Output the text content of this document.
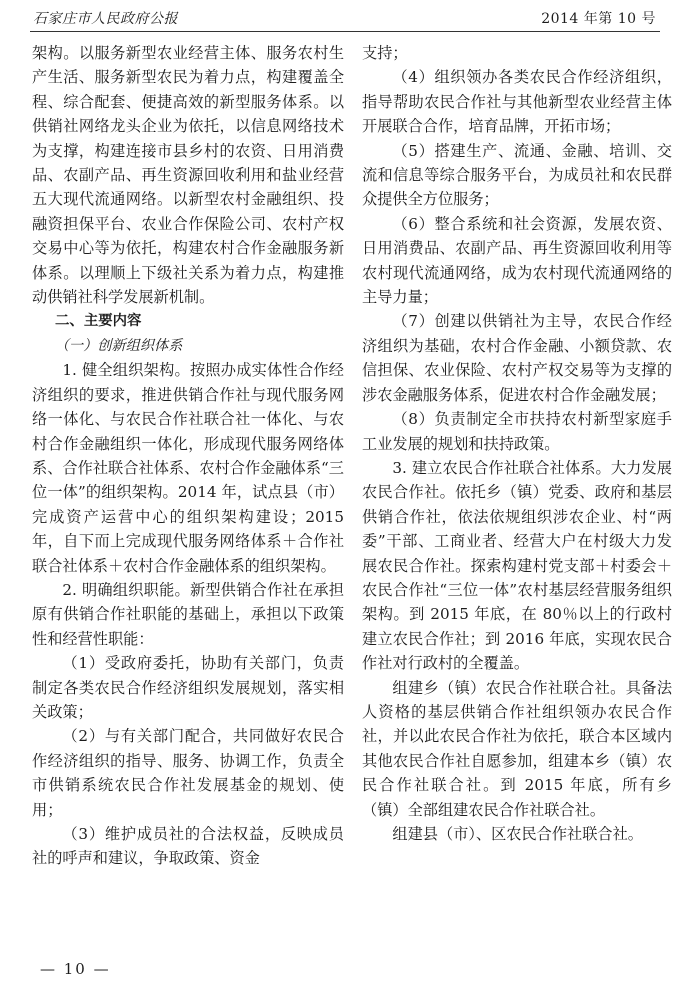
石家庄市人民政府公报	2014 年第 10 号

架构。以服务新型农业经营主体、服务农村生产生活、服务新型农民为着力点，构建覆盖全程、综合配套、便捷高效的新型服务体系。以供销社网络龙头企业为依托，以信息网络技术为支撑，构建连接市县乡村的农资、日用消费品、农副产品、再生资源回收利用和盐业经营五大现代流通网络。以新型农村金融组织、投融资担保平台、农业合作保险公司、农村产权交易中心等为依托，构建农村合作金融服务新体系。以理顺上下级社关系为着力点，构建推动供销社科学发展新机制。

二、主要内容

（一）创新组织体系

1. 健全组织架构。按照办成实体性合作经济组织的要求，推进供销合作社与现代服务网络一体化、与农民合作社联合社一体化、与农村合作金融组织一体化，形成现代服务网络体系、合作社联合社体系、农村合作金融体系“三位一体”的组织架构。2014 年，试点县（市）完成资产运营中心的组织架构建设；2015 年，自下而上完成现代服务网络体系＋合作社联合社体系＋农村合作金融体系的组织架构。

2. 明确组织职能。新型供销合作社在承担原有供销合作社职能的基础上，承担以下政策性和经营性职能：

（1）受政府委托，协助有关部门，负责制定各类农民合作经济组织发展规划，落实相关政策；

（2）与有关部门配合，共同做好农民合作经济组织的指导、服务、协调工作，负责全市供销系统农民合作社发展基金的规划、使用；

（3）维护成员社的合法权益，反映成员社的呼声和建议，争取政策、资金

支持；

（4）组织领办各类农民合作经济组织，指导帮助农民合作社与其他新型农业经营主体开展联合合作，培育品牌，开拓市场；

（5）搭建生产、流通、金融、培训、交流和信息等综合服务平台，为成员社和农民群众提供全方位服务；

（6）整合系统和社会资源，发展农资、日用消费品、农副产品、再生资源回收利用等农村现代流通网络，成为农村现代流通网络的主导力量；

（7）创建以供销社为主导，农民合作经济组织为基础，农村合作金融、小额贷款、农信担保、农业保险、农村产权交易等为支撑的涉农金融服务体系，促进农村合作金融发展；

（8）负责制定全市扶持农村新型家庭手工业发展的规划和扶持政策。

3. 建立农民合作社联合社体系。大力发展农民合作社。依托乡（镇）党委、政府和基层供销合作社，依法依规组织涉农企业、村“两委”干部、工商业者、经营大户在村级大力发展农民合作社。探索构建村党支部＋村委会＋农民合作社“三位一体”农村基层经营服务组织架构。到 2015 年底，在 80％以上的行政村建立农民合作社；到 2016 年底，实现农民合作社对行政村的全覆盖。

组建乡（镇）农民合作社联合社。具备法人资格的基层供销合作社组织领办农民合作社，并以此农民合作社为依托，联合本区域内其他农民合作社自愿参加，组建本乡（镇）农民合作社联合社。到 2015 年底，所有乡（镇）全部组建农民合作社联合社。

组建县（市）、区农民合作社联合社。

— 10 —
